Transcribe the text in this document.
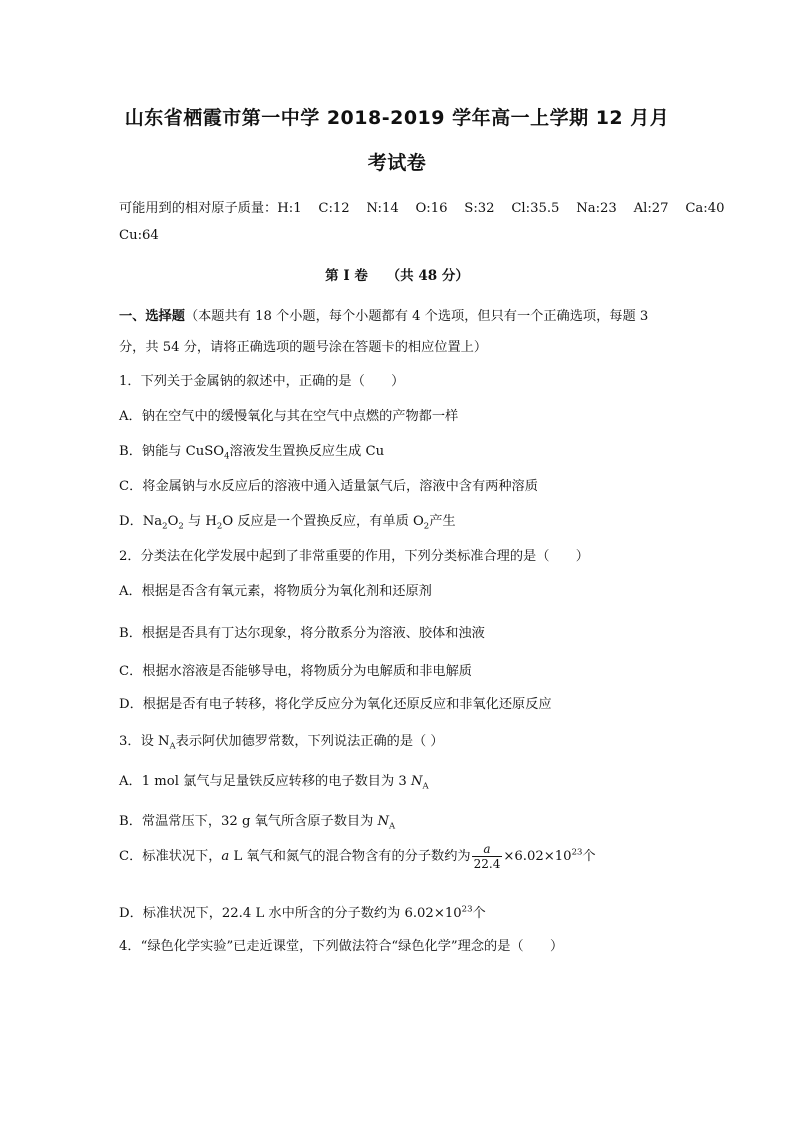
山东省栖霞市第一中学 2018-2019 学年高一上学期 12 月月
考试卷
可能用到的相对原子质量：H:1    C:12    N:14    O:16    S:32    Cl:35.5    Na:23    Al:27    Ca:40
Cu:64
第 Ⅰ 卷    （共 48 分）
一、选择题（本题共有 18 个小题，每个小题都有 4 个选项，但只有一个正确选项，每题 3
分，共 54 分，请将正确选项的题号涂在答题卡的相应位置上）
1．下列关于金属钠的叙述中，正确的是（　　）
A．钠在空气中的缓慢氧化与其在空气中点燃的产物都一样
B．钠能与 CuSO$_4$溶液发生置换反应生成 Cu
C．将金属钠与水反应后的溶液中通入适量氯气后，溶液中含有两种溶质
D．$Na_2O_2$ 与 $H_2O$ 反应是一个置换反应，有单质 $O_2$产生
2．分类法在化学发展中起到了非常重要的作用，下列分类标准合理的是（　　）
A．根据是否含有氧元素，将物质分为氧化剂和还原剂
B．根据是否具有丁达尔现象，将分散系分为溶液、胶体和浊液
C．根据水溶液是否能够导电，将物质分为电解质和非电解质
D．根据是否有电子转移，将化学反应分为氧化还原反应和非氧化还原反应
3．设 $N_A$表示阿伏加德罗常数，下列说法正确的是（ ）
A．1 mol 氯气与足量铁反应转移的电子数目为 3 $N_A$
B．常温常压下，32 g 氧气所含原子数目为 $N_A$
C．标准状况下，a L 氧气和氮气的混合物含有的分子数约为 $\frac{a}{22.4} \times 6.02\times 10^{23}$个
D．标准状况下，22.4 L 水中所含的分子数约为 $6.02\times 10^{23}$个
4．“绿色化学实验”已走近课堂，下列做法符合“绿色化学”理念的是（　　）
